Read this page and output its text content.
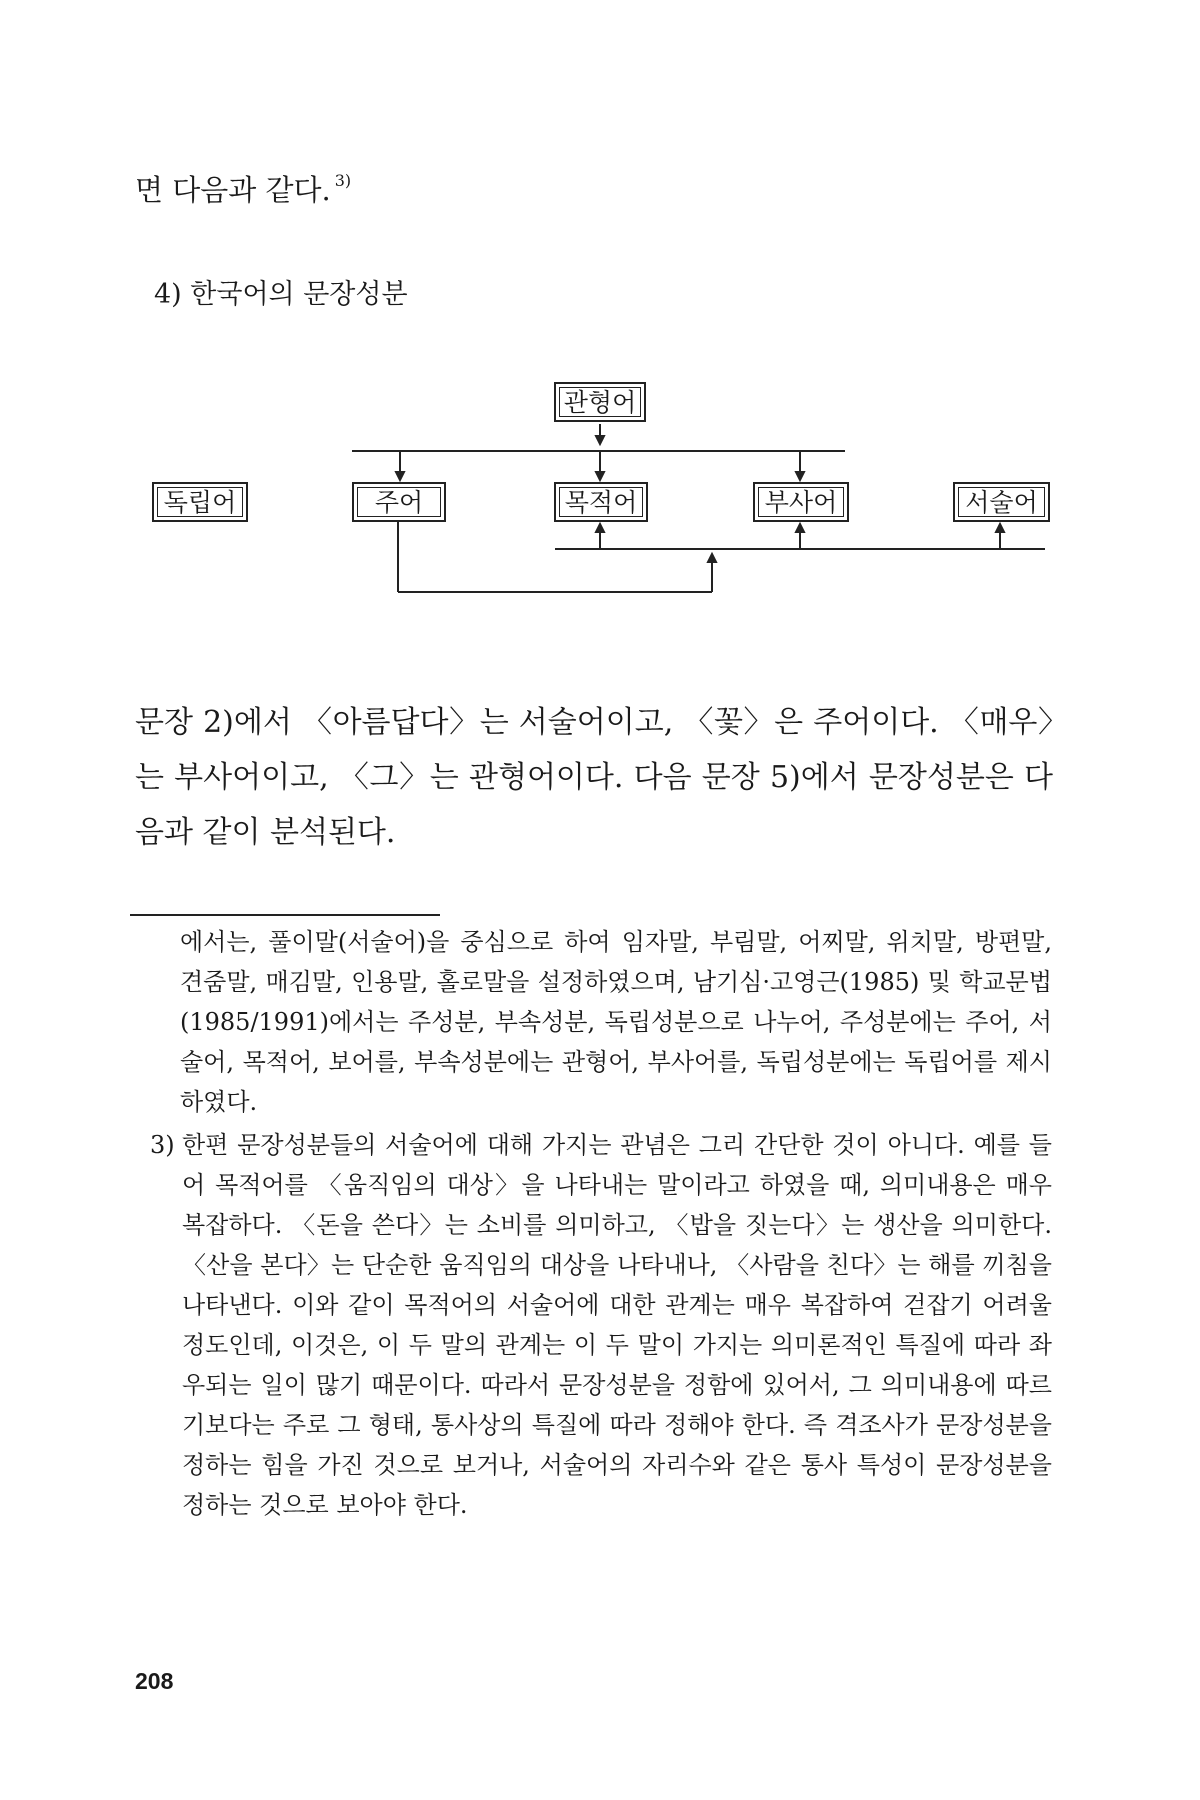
면 다음과 같다. $^{3)}$
4) 한국어의 문장성분
관형어
독립어	주어	목적어	부사어	서술어

문장 2)에서 〈아름답다〉는 서술어이고, 〈꽃〉은 주어이다. 〈매우〉는 부사어이고, 〈그〉는 관형어이다. 다음 문장 5)에서 문장성분은 다음과 같이 분석된다.

에서는, 풀이말(서술어)을 중심으로 하여 임자말, 부림말, 어찌말, 위치말, 방편말, 견줌말, 매김말, 인용말, 홀로말을 설정하였으며, 남기심·고영근(1985) 및 학교문법(1985/1991)에서는 주성분, 부속성분, 독립성분으로 나누어, 주성분에는 주어, 서술어, 목적어, 보어를, 부속성분에는 관형어, 부사어를, 독립성분에는 독립어를 제시하였다.

3) 한편 문장성분들의 서술어에 대해 가지는 관념은 그리 간단한 것이 아니다. 예를 들어 목적어를 〈움직임의 대상〉을 나타내는 말이라고 하였을 때, 의미내용은 매우 복잡하다. 〈돈을 쓴다〉는 소비를 의미하고, 〈밥을 짓는다〉는 생산을 의미한다. 〈산을 본다〉는 단순한 움직임의 대상을 나타내나, 〈사람을 친다〉는 해를 끼침을 나타낸다. 이와 같이 목적어의 서술어에 대한 관계는 매우 복잡하여 걷잡기 어려울 정도인데, 이것은, 이 두 말의 관계는 이 두 말이 가지는 의미론적인 특질에 따라 좌우되는 일이 많기 때문이다. 따라서 문장성분을 정함에 있어서, 그 의미내용에 따르기보다는 주로 그 형태, 통사상의 특질에 따라 정해야 한다. 즉 격조사가 문장성분을 정하는 힘을 가진 것으로 보거나, 서술어의 자리수와 같은 통사 특성이 문장성분을 정하는 것으로 보아야 한다.
208
